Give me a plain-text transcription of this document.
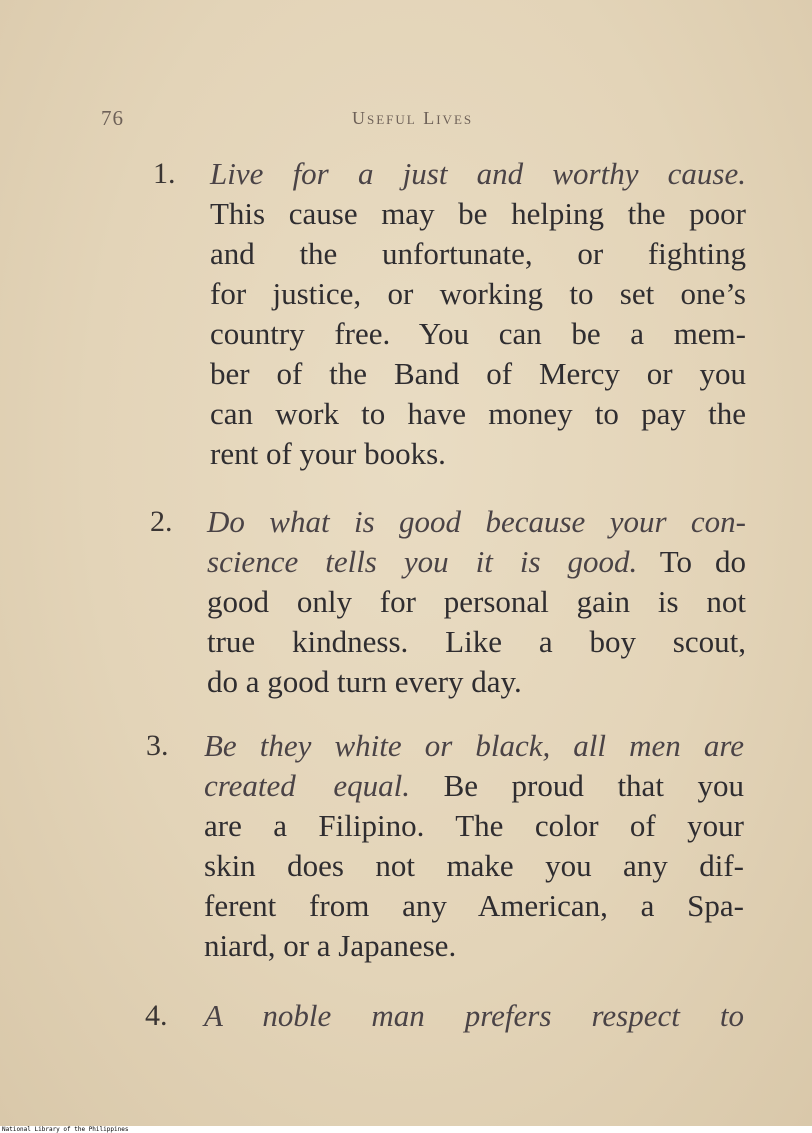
76	Useful Lives
1. Live for a just and worthy cause.
This cause may be helping the poor
and the unfortunate, or fighting
for justice, or working to set one’s
country free. You can be a mem-
ber of the Band of Mercy or you
can work to have money to pay the
rent of your books.
2. Do what is good because your con-
science tells you it is good. To do
good only for personal gain is not
true kindness. Like a boy scout,
do a good turn every day.
3. Be they white or black, all men are
created equal. Be proud that you
are a Filipino. The color of your
skin does not make you any dif-
ferent from any American, a Spa-
niard, or a Japanese.
4. A noble man prefers respect to
National Library of the Philippines
